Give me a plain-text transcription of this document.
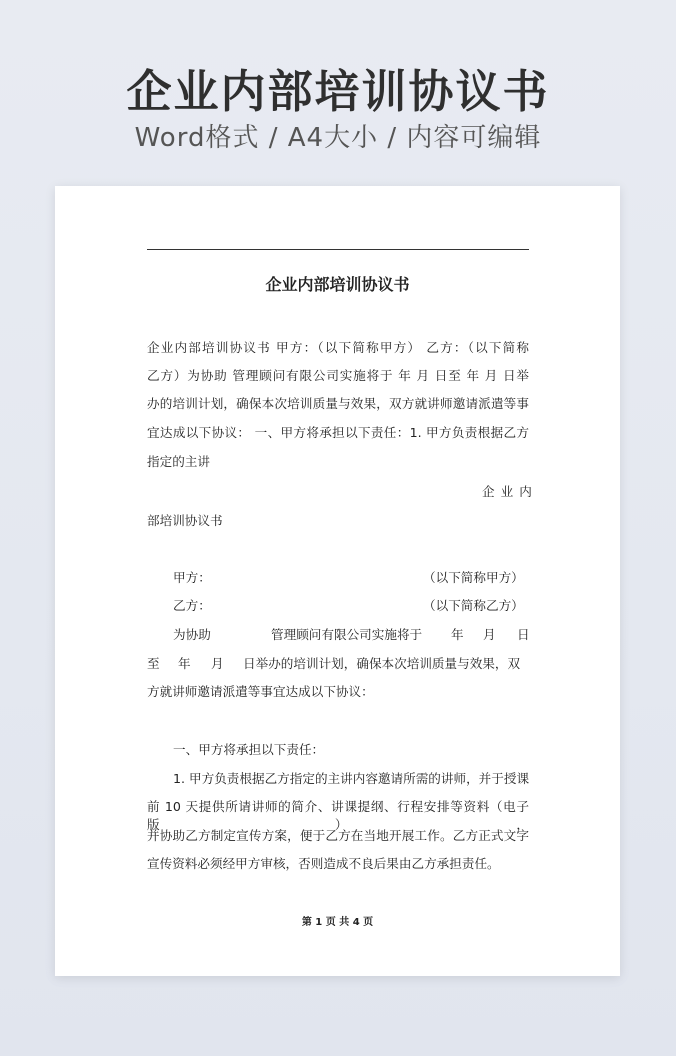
企业内部培训协议书
Word格式 / A4大小 / 内容可编辑
企业内部培训协议书
企业内部培训协议书 甲方：（以下简称甲方） 乙方：（以下简称
乙方）为协助 管理顾问有限公司实施将于 年 月 日至 年 月 日举
办的培训计划，确保本次培训质量与效果，双方就讲师邀请派遣等事
宜达成以下协议： 一、甲方将承担以下责任：1. 甲方负责根据乙方
指定的主讲
企业内
部培训协议书
甲方：	（以下简称甲方）
乙方：	（以下简称乙方）
为协助	管理顾问有限公司实施将于 年 月 日
至 年 月 日举办的培训计划，确保本次培训质量与效果，双
方就讲师邀请派遣等事宜达成以下协议：
一、甲方将承担以下责任：
1. 甲方负责根据乙方指定的主讲内容邀请所需的讲师，并于授课
前 10 天提供所请讲师的简介、讲课提纲、行程安排等资料（电子版），
并协助乙方制定宣传方案，便于乙方在当地开展工作。乙方正式文字
宣传资料必须经甲方审核，否则造成不良后果由乙方承担责任。
第 1 页 共 4 页
